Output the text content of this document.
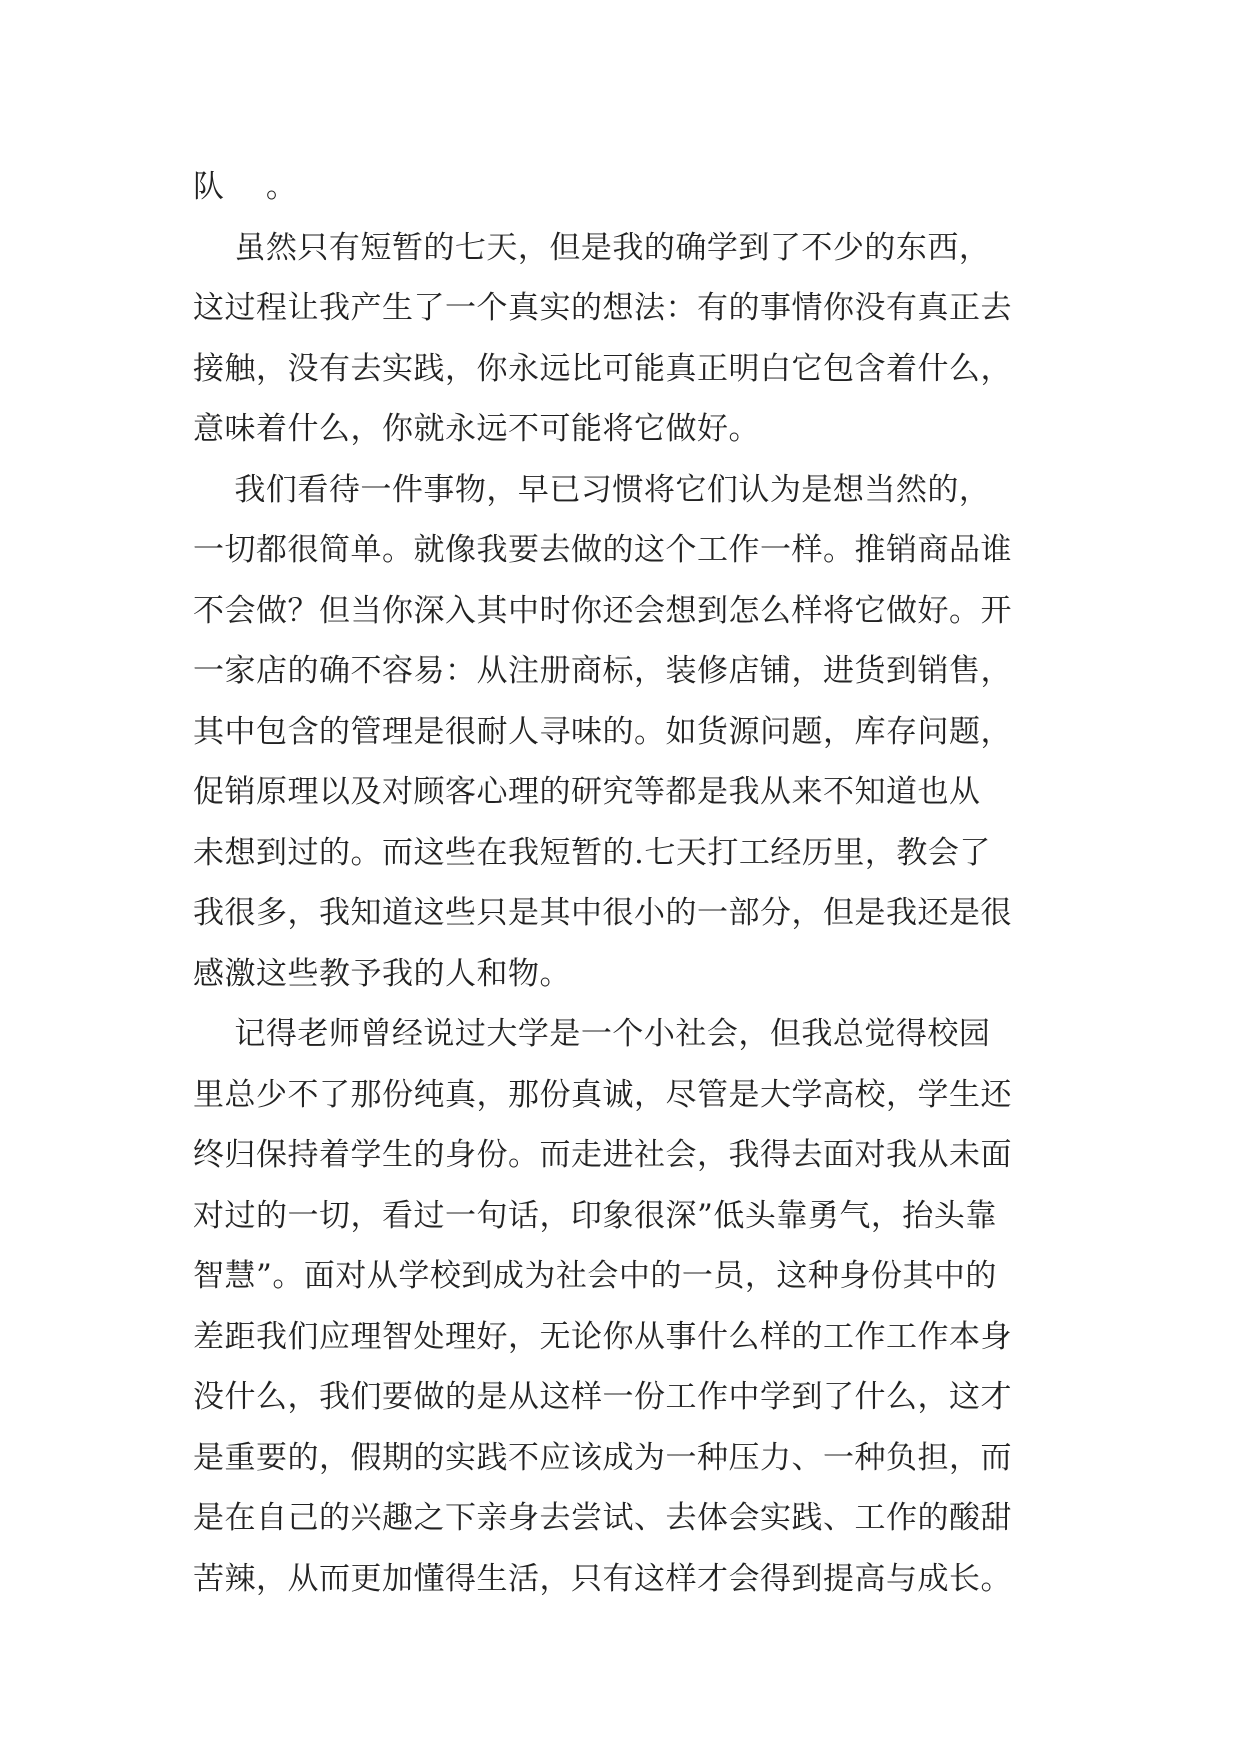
队    。
虽然只有短暂的七天，但是我的确学到了不少的东西，
这过程让我产生了一个真实的想法：有的事情你没有真正去
接触，没有去实践，你永远比可能真正明白它包含着什么，
意味着什么，你就永远不可能将它做好。
我们看待一件事物，早已习惯将它们认为是想当然的，
一切都很简单。就像我要去做的这个工作一样。推销商品谁
不会做？但当你深入其中时你还会想到怎么样将它做好。开
一家店的确不容易：从注册商标，装修店铺，进货到销售，
其中包含的管理是很耐人寻味的。如货源问题，库存问题，
促销原理以及对顾客心理的研究等都是我从来不知道也从
未想到过的。而这些在我短暂的.七天打工经历里，教会了
我很多，我知道这些只是其中很小的一部分，但是我还是很
感激这些教予我的人和物。
记得老师曾经说过大学是一个小社会，但我总觉得校园
里总少不了那份纯真，那份真诚，尽管是大学高校，学生还
终归保持着学生的身份。而走进社会，我得去面对我从未面
对过的一切，看过一句话，印象很深”低头靠勇气，抬头靠
智慧”。面对从学校到成为社会中的一员，这种身份其中的
差距我们应理智处理好，无论你从事什么样的工作工作本身
没什么，我们要做的是从这样一份工作中学到了什么，这才
是重要的，假期的实践不应该成为一种压力、一种负担，而
是在自己的兴趣之下亲身去尝试、去体会实践、工作的酸甜
苦辣，从而更加懂得生活，只有这样才会得到提高与成长。
